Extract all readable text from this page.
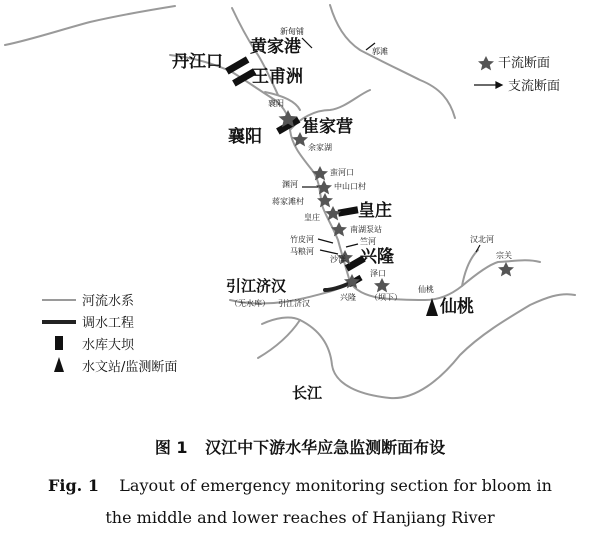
丹江口
黄家港
王甫洲
襄阳 崔家营
皇庄
兴隆
引江济汉
仙桃
长江
新甸铺
郭滩
襄阳
余家湖
蛮河口
渊河	中山口村
蒋家滩村
皇庄
南湖泵站
竹皮河	竺河
马粮河
沙洋
泽口
兴隆 （坝下）
（无水库） 引江济汉
仙桃
汉北河
宗关
干流断面
支流断面
河流水系
调水工程
水库大坝
水文站/监测断面
图 1 汉江中下游水华应急监测断面布设
Fig. 1 Layout of emergency monitoring section for bloom in
the middle and lower reaches of Hanjiang River
